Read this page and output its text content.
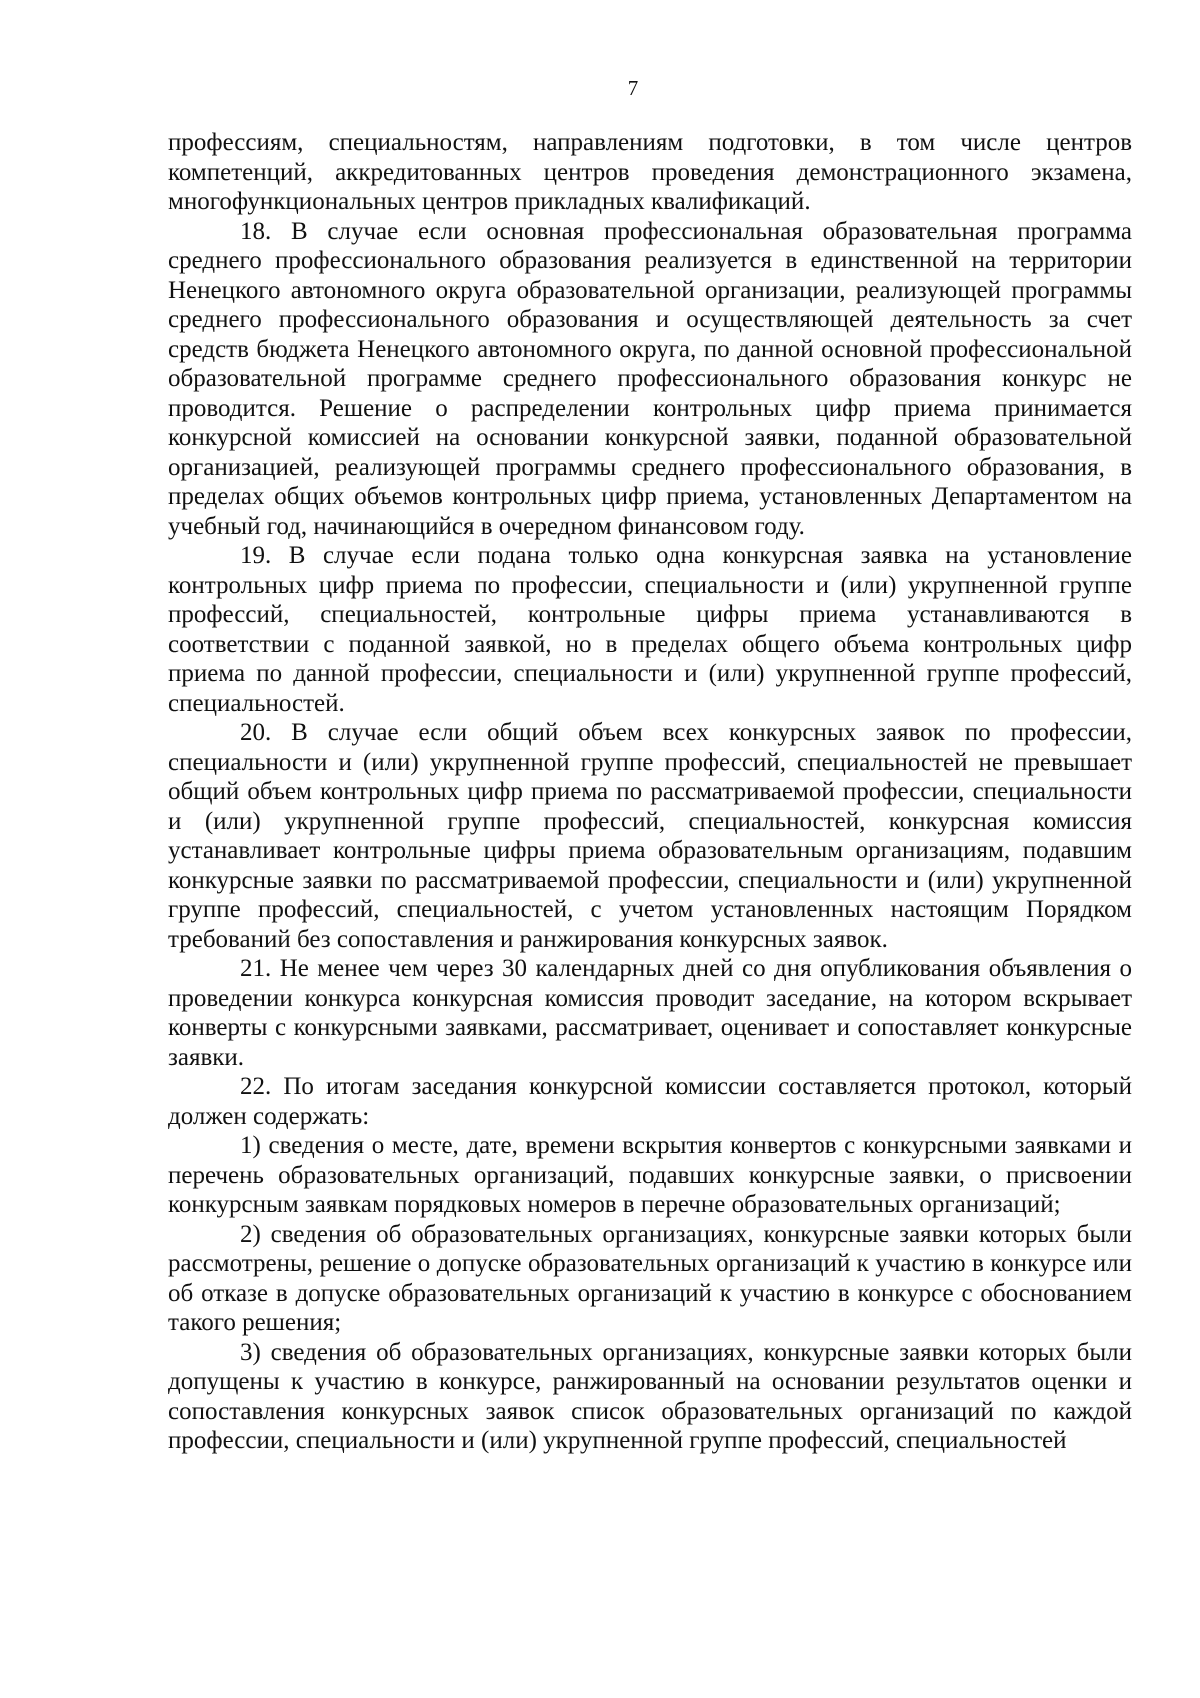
7

профессиям, специальностям, направлениям подготовки, в том числе центров компетенций, аккредитованных центров проведения демонстрационного экзамена, многофункциональных центров прикладных квалификаций.

18. В случае если основная профессиональная образовательная программа среднего профессионального образования реализуется в единственной на территории Ненецкого автономного округа образовательной организации, реализующей программы среднего профессионального образования и осуществляющей деятельность за счет средств бюджета Ненецкого автономного округа, по данной основной профессиональной образовательной программе среднего профессионального образования конкурс не проводится. Решение о распределении контрольных цифр приема принимается конкурсной комиссией на основании конкурсной заявки, поданной образовательной организацией, реализующей программы среднего профессионального образования, в пределах общих объемов контрольных цифр приема, установленных Департаментом на учебный год, начинающийся в очередном финансовом году.

19. В случае если подана только одна конкурсная заявка на установление контрольных цифр приема по профессии, специальности и (или) укрупненной группе профессий, специальностей, контрольные цифры приема устанавливаются в соответствии с поданной заявкой, но в пределах общего объема контрольных цифр приема по данной профессии, специальности и (или) укрупненной группе профессий, специальностей.

20. В случае если общий объем всех конкурсных заявок по профессии, специальности и (или) укрупненной группе профессий, специальностей не превышает общий объем контрольных цифр приема по рассматриваемой профессии, специальности и (или) укрупненной группе профессий, специальностей, конкурсная комиссия устанавливает контрольные цифры приема образовательным организациям, подавшим конкурсные заявки по рассматриваемой профессии, специальности и (или) укрупненной группе профессий, специальностей, с учетом установленных настоящим Порядком требований без сопоставления и ранжирования конкурсных заявок.

21. Не менее чем через 30 календарных дней со дня опубликования объявления о проведении конкурса конкурсная комиссия проводит заседание, на котором вскрывает конверты с конкурсными заявками, рассматривает, оценивает и сопоставляет конкурсные заявки.

22. По итогам заседания конкурсной комиссии составляется протокол, который должен содержать:

1) сведения о месте, дате, времени вскрытия конвертов с конкурсными заявками и перечень образовательных организаций, подавших конкурсные заявки, о присвоении конкурсным заявкам порядковых номеров в перечне образовательных организаций;

2) сведения об образовательных организациях, конкурсные заявки которых были рассмотрены, решение о допуске образовательных организаций к участию в конкурсе или об отказе в допуске образовательных организаций к участию в конкурсе с обоснованием такого решения;

3) сведения об образовательных организациях, конкурсные заявки которых были допущены к участию в конкурсе, ранжированный на основании результатов оценки и сопоставления конкурсных заявок список образовательных организаций по каждой профессии, специальности и (или) укрупненной группе профессий, специальностей
